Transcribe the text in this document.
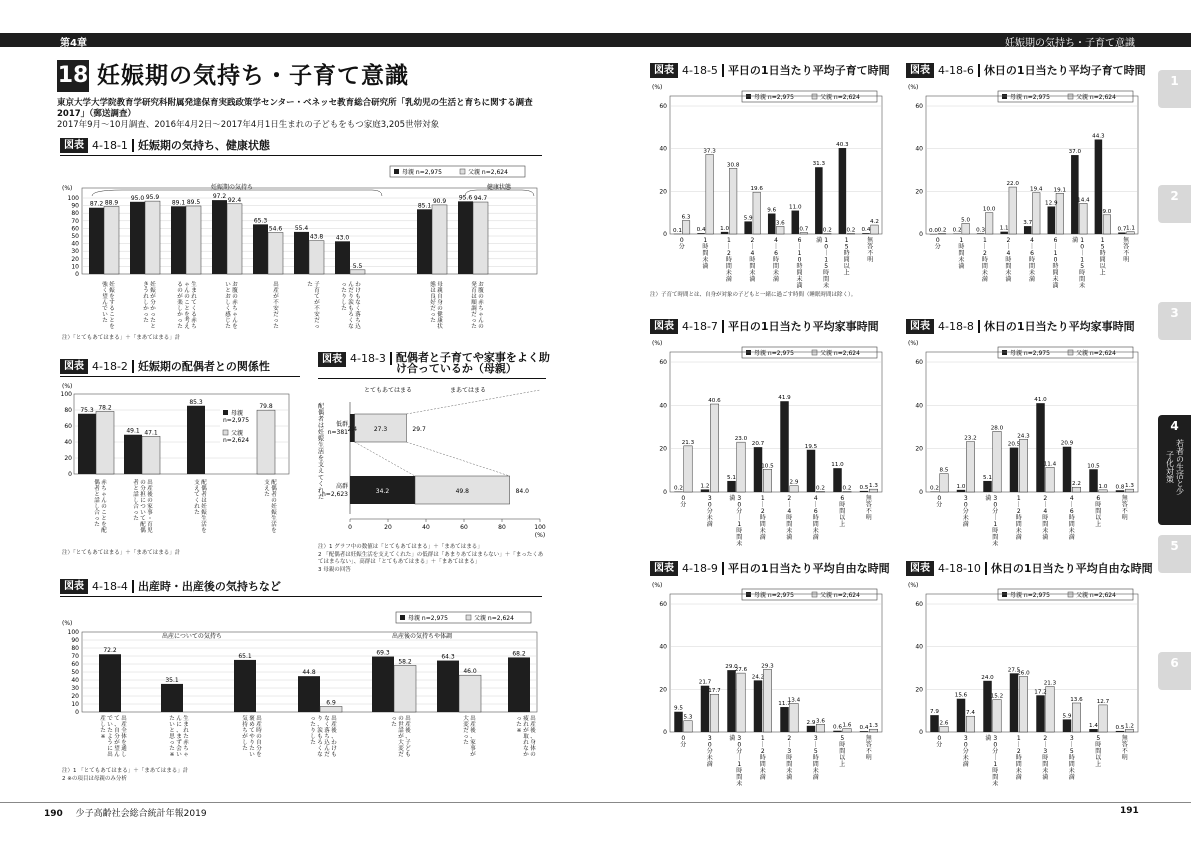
第4章	妊娠期の気持ち・子育て意識
18 妊娠期の気持ち・子育て意識
東京大学大学院教育学研究科附属発達保育実践政策学センター・ベネッセ教育総合研究所「乳幼児の生活と育ちに関する調査
2017」（郵送調査）
2017年9月〜10月調査、2016年4月2日〜2017年4月1日生まれの子どもをもつ家庭3,205世帯対象
図表 4-18-1 妊娠期の気持ち、健康状態
図表 4-18-2 妊娠期の配偶者との関係性	図表 4-18-3 配偶者と子育てや家事をよく助け合っているか（母親）
図表 4-18-4 出産時・出産後の気持ちなど
図表 4-18-5 平日の1日当たり平均子育て時間	図表 4-18-6 休日の1日当たり平均子育て時間
図表 4-18-7 平日の1日当たり平均家事時間	図表 4-18-8 休日の1日当たり平均家事時間
図表 4-18-9 平日の1日当たり平均自由な時間	図表 4-18-10 休日の1日当たり平均自由な時間
母親 n=2,975	父親 n=2,624
(%)
100
90
80
70
60
50
40
30
20
10
0
妊娠期の気持ち	健康状態
87.2 88.9
妊娠をすることを
強く望んでいた
95.0 95.9
妊娠が分かったと
きうれしかった
89.1 89.5
生まれてくる赤ち
ゃんのことを考え
るのが楽しかった
97.2
92.4
お腹の赤ちゃんを
いとおしく感じた
65.3
54.6
出産が不安だった
55.4
43.8
子育てが不安だっ
た
43.0
5.5
わけもなく落ち込
んだり涙もろくな
ったりした
85.1
90.9
母親自身の健康状
態は良好だった
95.6 94.7
お腹の赤ちゃんの
発育は順調だった
注）「とてもあてはまる」＋「まあてはまる」計
(%)
100
80
60
40
20
0
母親
n=2,975
父親
n=2,624
75.3 78.2
赤ちゃんのことを配
偶者と話し合った
49.1 47.1
出産後の家事・育児
の分担について配偶
者と話し合った
85.3
配偶者は妊娠生活を
支えてくれた
79.8
配偶者の妊娠生活を
支えた
注）「とてもあてはまる」＋「まあてはまる」計
とてもあてはまる	まあてはまる
配偶者は妊娠生活を支えてくれた
低群
n=381 2.4	27.3	29.7
高群
n=2,623	34.2	49.8	84.0
0	20	40	60	80	100
(%)
注）1 グラフ中の数値は「とてもあてはまる」＋「まあてはまる」
2 「配偶者は妊娠生活を支えてくれた」の低群は「あまりあてはまらない」＋「まったくあてはまらない」、高群は「とてもあてはまる」＋「まあてはまる」
3 母親の回答
母親 n=2,975	父親 n=2,624
(%)
100
90
80
70
60
50
40
30
20
10
0
出産についての気持ち	出産後の気持ちや体調
72.2
出産全体を通し
て、自分が望ん
でいたように出
産した※
35.1
生まれた赤ちゃ
んに、まず会い
たいと思った※
65.1
出産時の自分を
褒めてやりたい
気持ちがした
44.8
6.9
出産後、わけも
なく落ち込んだ
り、涙もろくな
ったりした
69.3
58.2
出産後、子ども
の世話が大変だ
った
64.3
46.0
出産後、家事が
大変だった
68.2
出産後、身体の
疲れが取れなか
った※
注）1 「とてもあてはまる」＋「まあてはまる」計
2 ※の項目は母親のみ分析
(%)
母親 n=2,975	父親 n=2,624
60
40
20
0
0.1
6.3
0 分
0.4
37.3
1 時間未満
1.0
30.8
1 ｜ 2 時間未満
5.9
19.6
2 ｜ 4 時間未満
9.6
3.6
4 ｜ 6 時間未満
11.0
0.7
6 ｜ 1 0 時間未満
31.3
0.2
1 0 ｜ 1 5 時間未
満
40.3
0.2
1 5 時間以上
0.4
4.2
無答不明
注）子育て時間とは、自身が対象の子どもと一緒に過ごす時間（睡眠時間は除く）。
(%)
母親 n=2,975	父親 n=2,624
60
40
20
0 0.0 0.2
0 分
0.2
5.0
1 時間未満
0.3
10.0
1 ｜ 2 時間未満
1.1
22.0
2 ｜ 4 時間未満
3.7
19.4
4 ｜ 6 時間未満
12.9
19.1
6 ｜ 1 0 時間未満
37.0
14.4
1 0 ｜ 1 5 時間未
満
44.3
9.0
1 5 時間以上
0.7 1.1
無答不明
(%)
母親 n=2,975	父親 n=2,624
60
40
20
0
0.2
21.3
0 分
1.2
40.6
3 0 分未満
5.1
23.0
3 0 分｜ 1 時間未
満
20.7
10.5
1 ｜ 2 時間未満
41.9
2.9
2 ｜ 4 時間未満
19.5
0.2
4 ｜ 6 時間未満
11.0
0.2
6 時間以上
0.5 1.3
無答不明
(%)
母親 n=2,975	父親 n=2,624
60
40
20
0
0.2
8.5
0 分
1.0
23.2
3 0 分未満
5.1
28.0
3 0 分｜ 1 時間未
満
20.5
24.3
1 ｜ 2 時間未満
41.0
11.4
2 ｜ 4 時間未満
20.9
2.2
4 ｜ 6 時間未満
10.5
1.0
6 時間以上
0.8 1.3
無答不明
(%)
母親 n=2,975	父親 n=2,624
60
40
20
0
9.5
5.3
0 分
21.7
17.7
3 0 分未満
29.0
27.6
3 0 分｜ 1 時間未
満
24.2
29.3
1 ｜ 2 時間未満
11.7
13.4
2 ｜ 3 時間未満
2.9 3.6
3 ｜ 5 時間未満
0.6 1.6
5 時間以上
0.4 1.3
無答不明
(%)
母親 n=2,975	父親 n=2,624
60
40
20
0
7.9
2.6
0 分
15.6
7.4
3 0 分未満
24.0
15.2
3 0 分｜ 1 時間未
満
27.5
26.0
1 ｜ 2 時間未満
17.2
21.3
2 ｜ 3 時間未満
5.9
13.6
3 ｜ 5 時間未満
1.4
12.7
5 時間以上
0.5 1.2
無答不明
1
2
3
4
若者の生活と少子化対策
5
6
190 少子高齢社会総合統計年報2019	191
